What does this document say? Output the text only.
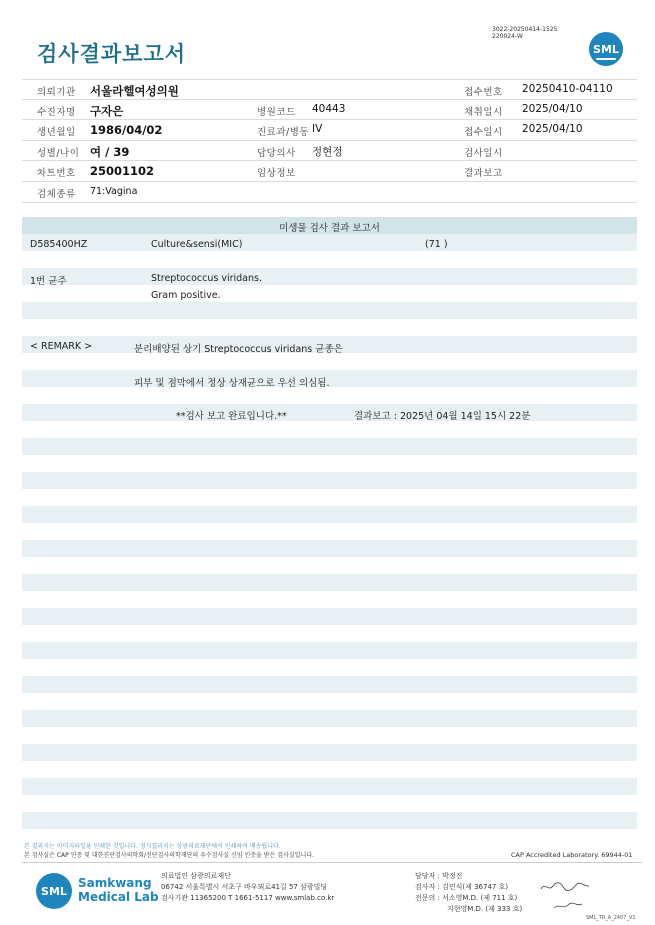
3022-20250414-1525
220024-W
검사결과보고서	SML
의뢰기관 서울라헬여성의원	접수번호 20250410-04110
수진자명 구자은	병원코드 40443	채취일시 2025/04/10
생년월일 1986/04/02	진료과/병동 IV	접수일시 2025/04/10
성별/나이 여 / 39	담당의사 정현정	검사일시
차트번호 25001102	임상정보	결과보고
검체종류 71:Vagina
미생물 검사 결과 보고서
D585400HZ	Culture&sensi(MIC)	(71 )
1번 균주	Streptococcus viridans.
Gram positive.
< REMARK >	분리배양된 상기 Streptococcus viridans 균종은
피부 및 점막에서 정상 상재균으로 우선 의심됨.
**검사 보고 완료입니다.**	결과보고 : 2025년 04월 14일 15시 22분
본 결과지는 이미지파일을 인쇄한 것입니다. 정식결과지는 삼광의료재단에서 인쇄하여 배송됩니다.
본 검사실은 CAP 인증 및 대한진단검사의학회/진단검사의학재단의 우수검사실 신임 인증을 받은 검사실입니다.	CAP Accredited Laboratory. 69944-01
SML
Samkwang
Medical Lab
의료법인 삼광의료재단
06742 서울특별시 서초구 바우뫼로41길 57 삼광빌딩
검사기관 11365200 T 1661-5117 www.smlab.co.kr
담당자 : 박정진
검사자 : 김민식(제 36747 호)
전문의 : 서소영M.D. (제 711 호)
지현영M.D. (제 333 호)
SML_TR_A_2407_V1
